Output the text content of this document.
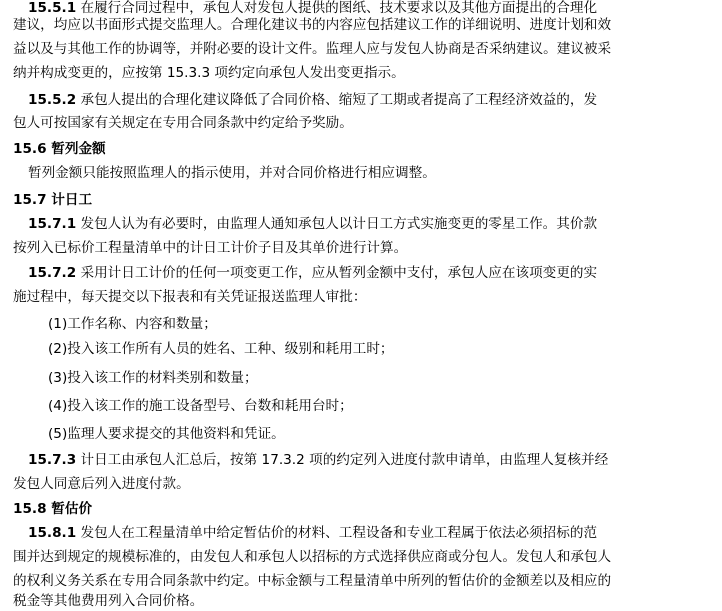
15.5.1 在履行合同过程中，承包人对发包人提供的图纸、技术要求以及其他方面提出的合理化
建议，均应以书面形式提交监理人。合理化建议书的内容应包括建议工作的详细说明、进度计划和效
益以及与其他工作的协调等，并附必要的设计文件。监理人应与发包人协商是否采纳建议。建议被采
纳并构成变更的，应按第 15.3.3 项约定向承包人发出变更指示。
15.5.2 承包人提出的合理化建议降低了合同价格、缩短了工期或者提高了工程经济效益的，发
包人可按国家有关规定在专用合同条款中约定给予奖励。
15.6 暂列金额
暂列金额只能按照监理人的指示使用，并对合同价格进行相应调整。
15.7 计日工
15.7.1 发包人认为有必要时，由监理人通知承包人以计日工方式实施变更的零星工作。其价款
按列入已标价工程量清单中的计日工计价子目及其单价进行计算。
15.7.2 采用计日工计价的任何一项变更工作，应从暂列金额中支付，承包人应在该项变更的实
施过程中，每天提交以下报表和有关凭证报送监理人审批：
(1)工作名称、内容和数量；
(2)投入该工作所有人员的姓名、工种、级别和耗用工时；
(3)投入该工作的材料类别和数量；
(4)投入该工作的施工设备型号、台数和耗用台时；
(5)监理人要求提交的其他资料和凭证。
15.7.3 计日工由承包人汇总后，按第 17.3.2 项的约定列入进度付款申请单，由监理人复核并经
发包人同意后列入进度付款。
15.8 暂估价
15.8.1 发包人在工程量清单中给定暂估价的材料、工程设备和专业工程属于依法必须招标的范
围并达到规定的规模标准的，由发包人和承包人以招标的方式选择供应商或分包人。发包人和承包人
的权利义务关系在专用合同条款中约定。中标金额与工程量清单中所列的暂估价的金额差以及相应的
税金等其他费用列入合同价格。
